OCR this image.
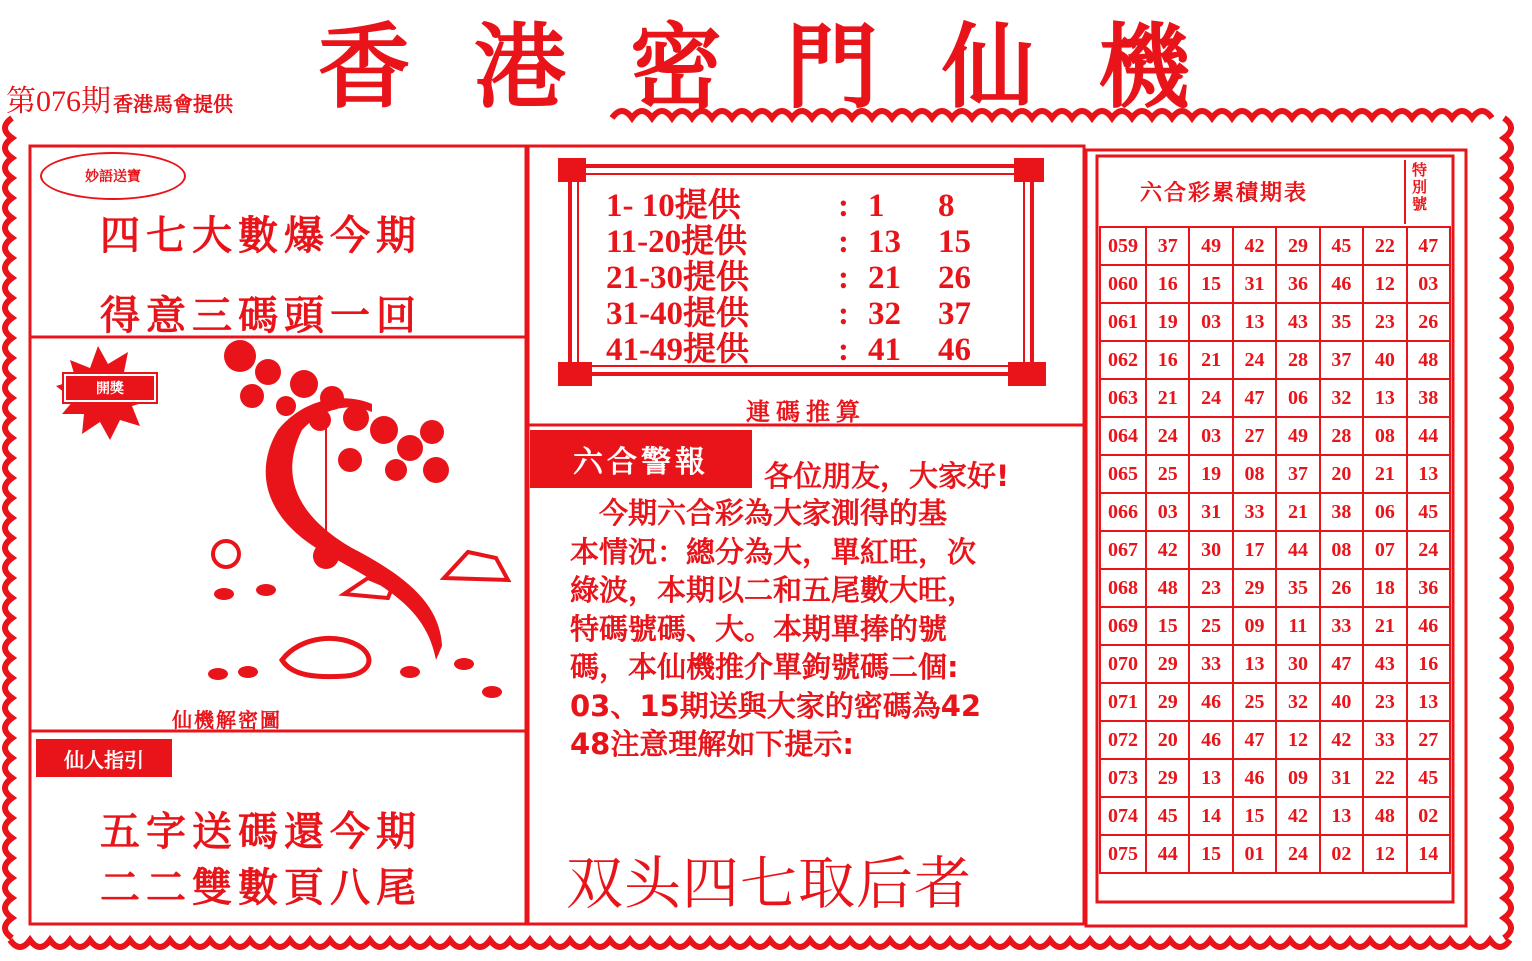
第076期 香港馬會提供 香港密門仙機
妙語送寶
四七大數爆今期
得意三碼頭一回
開獎
仙機解密圖
仙人指引
五字送碼還今期
二二雙數頁八尾
1- 10提供	: 1	8
11-20提供	: 13	15
21-30提供	: 21	26
31-40提供	: 32	37
41-49提供	: 41	46
連碼推算
六合警報 各位朋友，大家好!

　今期六合彩為大家測得的基

本情況：總分為大，單紅旺，次

綠波，本期以二和五尾數大旺，

特碼號碼、大。本期單捧的號

碼，本仙機推介單鉤號碼二個:

03、15期送與大家的密碼為42

48注意理解如下提示:

双头四七取后者
六合彩累積期表
特別號
059	37	49	42	29	45	22	47
060	16	15	31	36	46	12	03
061	19	03	13	43	35	23	26
062	16	21	24	28	37	40	48
063	21	24	47	06	32	13	38
064	24	03	27	49	28	08	44
065	25	19	08	37	20	21	13
066	03	31	33	21	38	06	45
067	42	30	17	44	08	07	24
068	48	23	29	35	26	18	36
069	15	25	09	11	33	21	46
070	29	33	13	30	47	43	16
071	29	46	25	32	40	23	13
072	20	46	47	12	42	33	27
073	29	13	46	09	31	22	45
074	45	14	15	42	13	48	02
075	44	15	01	24	02	12	14
